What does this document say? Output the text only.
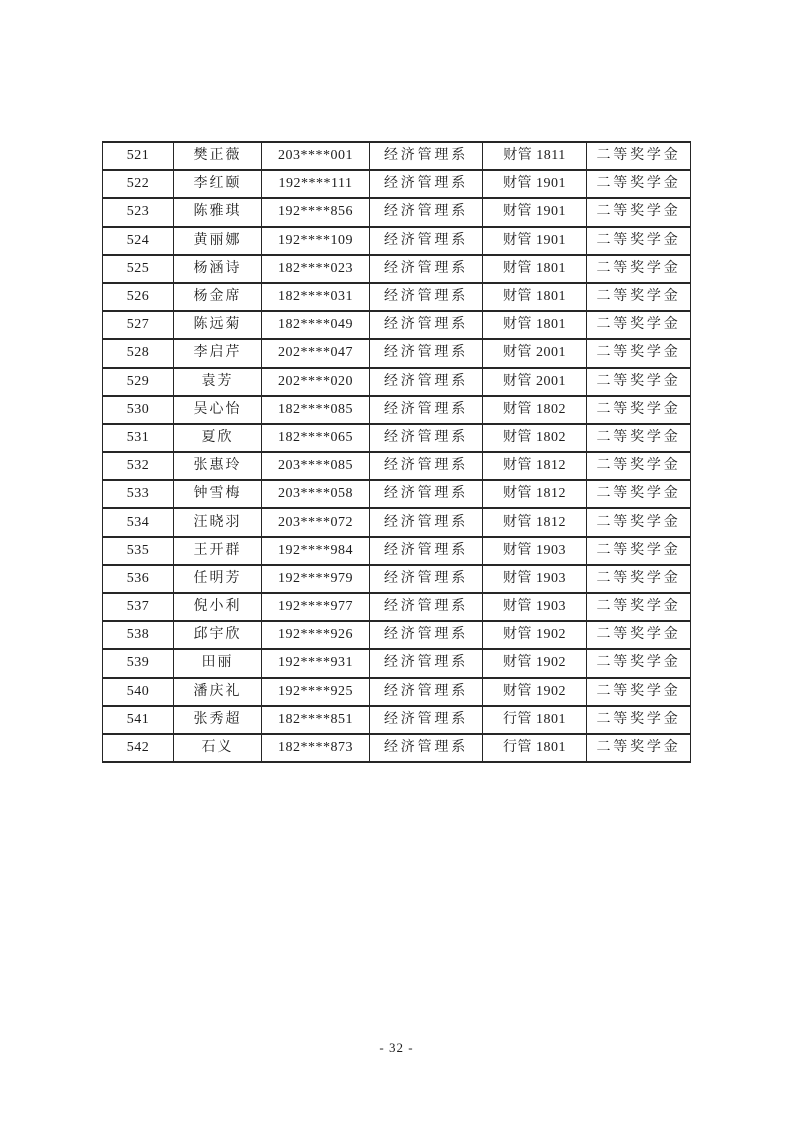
521	樊正薇	203****001	经济管理系	财管 1811	二等奖学金
522	李红颐	192****111	经济管理系	财管 1901	二等奖学金
523	陈雅琪	192****856	经济管理系	财管 1901	二等奖学金
524	黄丽娜	192****109	经济管理系	财管 1901	二等奖学金
525	杨涵诗	182****023	经济管理系	财管 1801	二等奖学金
526	杨金席	182****031	经济管理系	财管 1801	二等奖学金
527	陈远菊	182****049	经济管理系	财管 1801	二等奖学金
528	李启芹	202****047	经济管理系	财管 2001	二等奖学金
529	袁芳	202****020	经济管理系	财管 2001	二等奖学金
530	吴心怡	182****085	经济管理系	财管 1802	二等奖学金
531	夏欣	182****065	经济管理系	财管 1802	二等奖学金
532	张惠玲	203****085	经济管理系	财管 1812	二等奖学金
533	钟雪梅	203****058	经济管理系	财管 1812	二等奖学金
534	汪晓羽	203****072	经济管理系	财管 1812	二等奖学金
535	王开群	192****984	经济管理系	财管 1903	二等奖学金
536	任明芳	192****979	经济管理系	财管 1903	二等奖学金
537	倪小利	192****977	经济管理系	财管 1903	二等奖学金
538	邱宇欣	192****926	经济管理系	财管 1902	二等奖学金
539	田丽	192****931	经济管理系	财管 1902	二等奖学金
540	潘庆礼	192****925	经济管理系	财管 1902	二等奖学金
541	张秀超	182****851	经济管理系	行管 1801	二等奖学金
542	石义	182****873	经济管理系	行管 1801	二等奖学金
- 32 -
